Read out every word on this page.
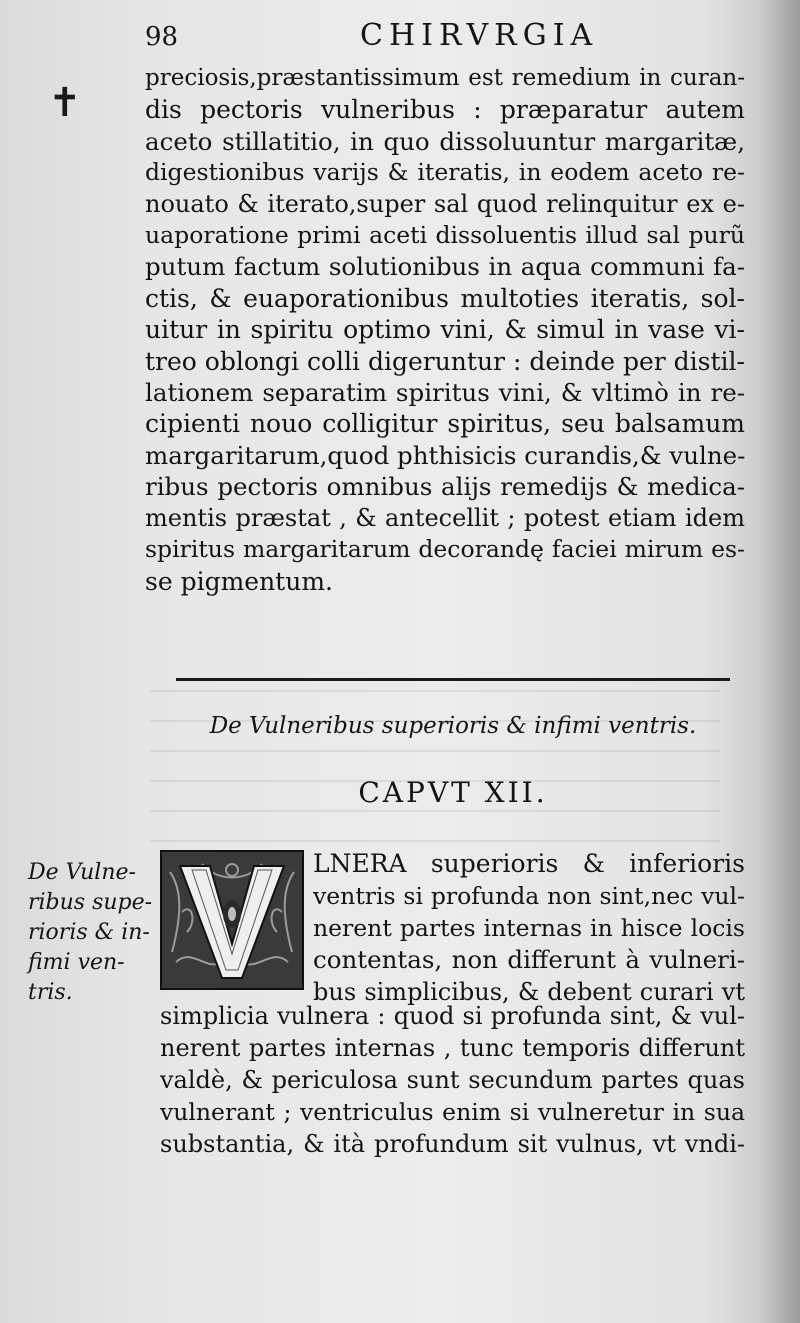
98	CHIRVRGIA
✝
preciosis,præstantissimum est remedium in curan-
dis pectoris vulneribus : præparatur autem
aceto stillatitio, in quo dissoluuntur margaritæ,
digestionibus varijs & iteratis, in eodem aceto re-
nouato & iterato,super sal quod relinquitur ex e-
uaporatione primi aceti dissoluentis illud sal purũ
putum factum solutionibus in aqua communi fa-
ctis, & euaporationibus multoties iteratis, sol-
uitur in spiritu optimo vini, & simul in vase vi-
treo oblongi colli digeruntur : deinde per distil-
lationem separatim spiritus vini, & vltimò in re-
cipienti nouo colligitur spiritus, seu balsamum
margaritarum,quod phthisicis curandis,& vulne-
ribus pectoris omnibus alijs remedijs & medica-
mentis præstat , & antecellit ; potest etiam idem
spiritus margaritarum decorandę faciei mirum es-
se pigmentum.
De Vulneribus superioris & infimi ventris.
CAPVT XII.
De Vulne-
ribus supe-
rioris & in-
fimi ven-
tris.
LNERA superioris & inferioris
ventris si profunda non sint,nec vul-
nerent partes internas in hisce locis
contentas, non differunt à vulneri-
bus simplicibus, & debent curari vt
simplicia vulnera : quod si profunda sint, & vul-
nerent partes internas , tunc temporis differunt
valdè, & periculosa sunt secundum partes quas
vulnerant ; ventriculus enim si vulneretur in sua
substantia, & ità profundum sit vulnus, vt vndi-
